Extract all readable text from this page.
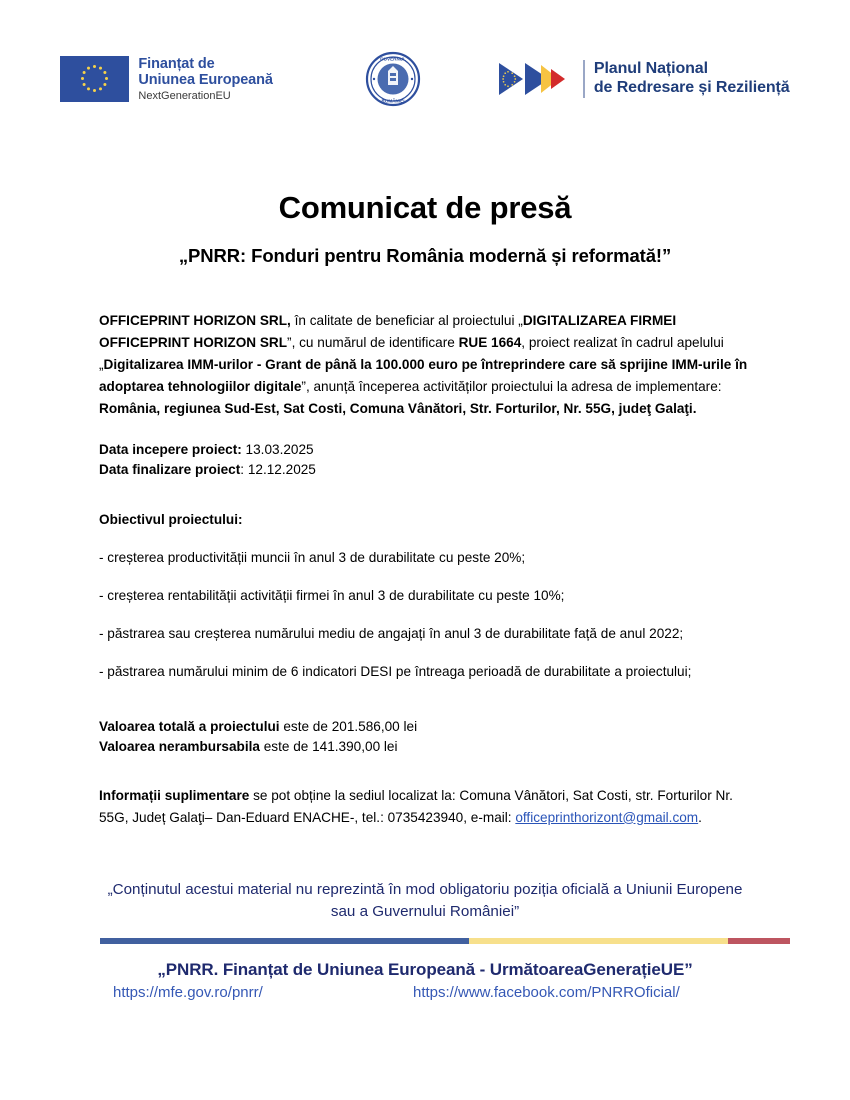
Finanțat de
Uniunea Europeană
NextGenerationEU
GUVERNUL
ROMÂNIEI
Planul Național
de Redresare și Reziliență
Comunicat de presă
„PNRR: Fonduri pentru România modernă și reformată!”
OFFICEPRINT HORIZON SRL, în calitate de beneficiar al proiectului „DIGITALIZAREA FIRMEI OFFICEPRINT HORIZON SRL”, cu numărul de identificare RUE 1664, proiect realizat în cadrul apelului „Digitalizarea IMM-urilor - Grant de până la 100.000 euro pe întreprindere care să sprijine IMM-urile în adoptarea tehnologiilor digitale”, anunță începerea activităților proiectului la adresa de implementare: România, regiunea Sud-Est, Sat Costi, Comuna Vânători, Str. Forturilor, Nr. 55G, judeţ Galaţi.
Data incepere proiect: 13.03.2025
Data finalizare proiect: 12.12.2025
Obiectivul proiectului:
- creșterea productivității muncii în anul 3 de durabilitate cu peste 20%;
- creșterea rentabilității activității firmei în anul 3 de durabilitate cu peste 10%;
- păstrarea sau creșterea numărului mediu de angajați în anul 3 de durabilitate față de anul 2022;
- păstrarea numărului minim de 6 indicatori DESI pe întreaga perioadă de durabilitate a proiectului;
Valoarea totală a proiectului este de 201.586,00 lei
Valoarea nerambursabila este de 141.390,00 lei
Informații suplimentare se pot obține la sediul localizat la: Comuna Vânători, Sat Costi, str. Forturilor Nr. 55G, Județ Galaţi– Dan-Eduard ENACHE-, tel.: 0735423940, e-mail: officeprinthorizont@gmail.com.
„Conținutul acestui material nu reprezintă în mod obligatoriu poziția oficială a Uniunii Europene sau a Guvernului României”
„PNRR. Finanțat de Uniunea Europeană - UrmătoareaGenerațieUE”
https://mfe.gov.ro/pnrr/	https://www.facebook.com/PNRROficial/
